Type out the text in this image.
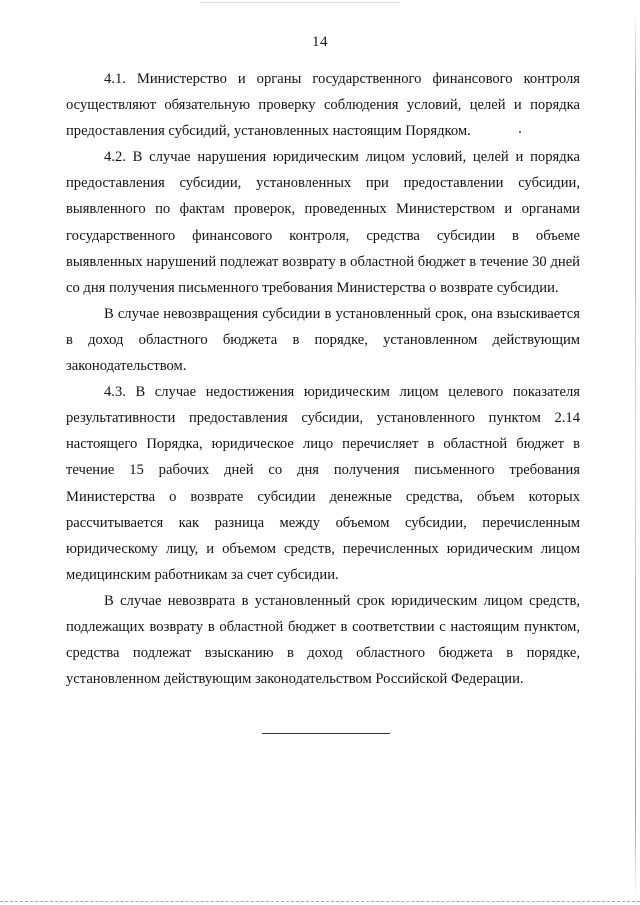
14

4.1. Министерство и органы государственного финансового контроля осуществляют обязательную проверку соблюдения условий, целей и порядка предоставления субсидий, установленных настоящим Порядком.

4.2. В случае нарушения юридическим лицом условий, целей и порядка предоставления субсидии, установленных при предоставлении субсидии, выявленного по фактам проверок, проведенных Министерством и органами государственного финансового контроля, средства субсидии в объеме выявленных нарушений подлежат возврату в областной бюджет в течение 30 дней со дня получения письменного требования Министерства о возврате субсидии.

В случае невозвращения субсидии в установленный срок, она взыскивается в доход областного бюджета в порядке, установленном действующим законодательством.

4.3. В случае недостижения юридическим лицом целевого показателя результативности предоставления субсидии, установленного пунктом 2.14 настоящего Порядка, юридическое лицо перечисляет в областной бюджет в течение 15 рабочих дней со дня получения письменного требования Министерства о возврате субсидии денежные средства, объем которых рассчитывается как разница между объемом субсидии, перечисленным юридическому лицу, и объемом средств, перечисленных юридическим лицом медицинским работникам за счет субсидии.

В случае невозврата в установленный срок юридическим лицом средств, подлежащих возврату в областной бюджет в соответствии с настоящим пунктом, средства подлежат взысканию в доход областного бюджета в порядке, установленном действующим законодательством Российской Федерации.
